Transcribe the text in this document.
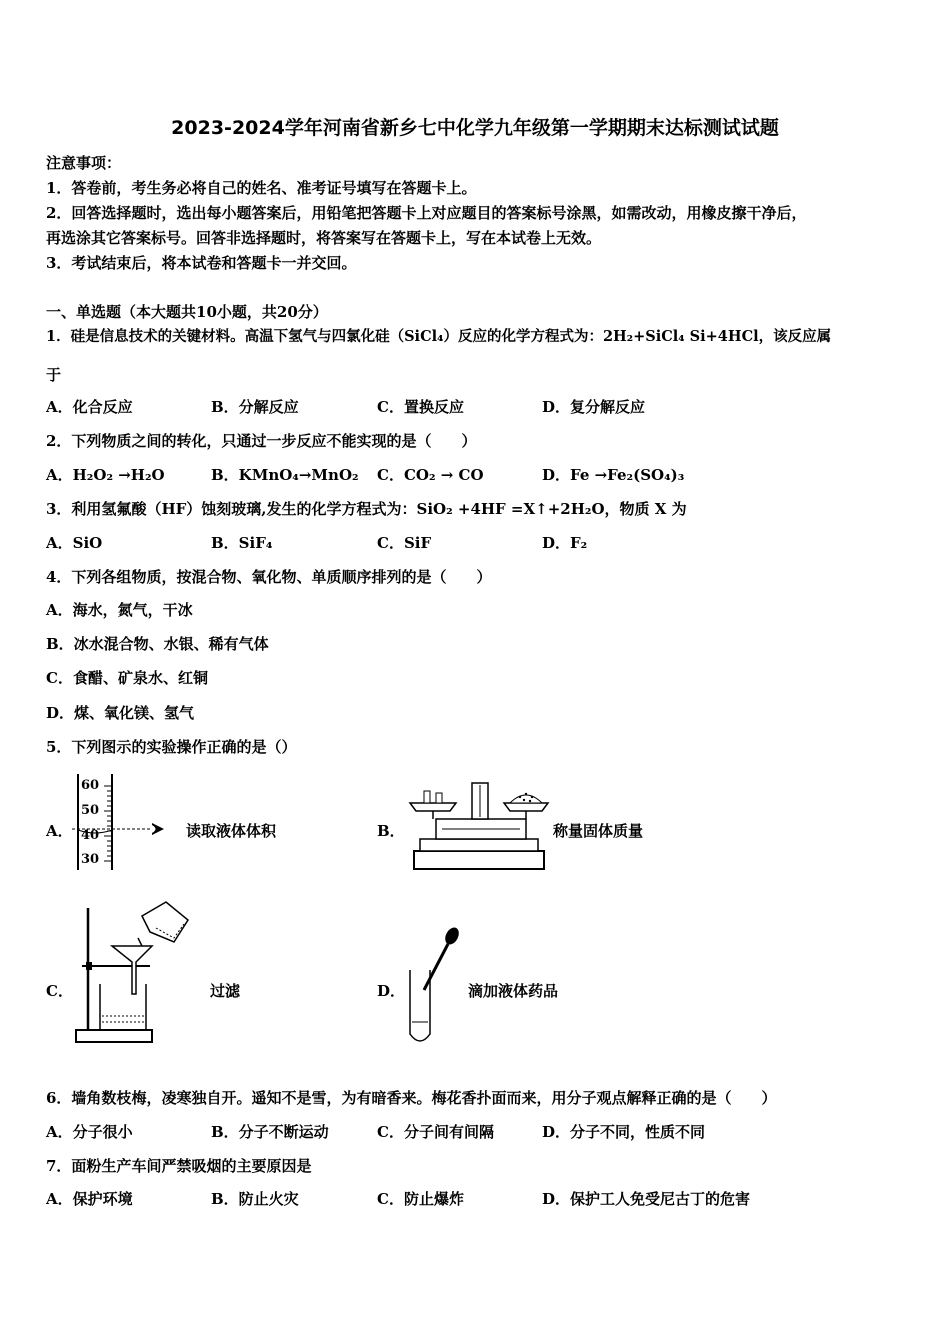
2023-2024学年河南省新乡七中化学九年级第一学期期末达标测试试题
注意事项：
1．答卷前，考生务必将自己的姓名、准考证号填写在答题卡上。
2．回答选择题时，选出每小题答案后，用铅笔把答题卡上对应题目的答案标号涂黑，如需改动，用橡皮擦干净后，
再选涂其它答案标号。回答非选择题时，将答案写在答题卡上，写在本试卷上无效。
3．考试结束后，将本试卷和答题卡一并交回。
一、单选题（本大题共10小题，共20分）
1．硅是信息技术的关键材料。高温下氢气与四氯化硅（SiCl₄）反应的化学方程式为：2H₂+SiCl₄ Si+4HCl，该反应属
于
A．化合反应	B．分解反应	C．置换反应	D．复分解反应
2．下列物质之间的转化，只通过一步反应不能实现的是（　　）
A．H₂O₂ →H₂O	B．KMnO₄→MnO₂ C．CO₂ → CO	D．Fe →Fe₂(SO₄)₃
3．利用氢氟酸（HF）蚀刻玻璃,发生的化学方程式为：SiO₂ +4HF =X↑+2H₂O，物质 X 为
A．SiO	B．SiF₄	C．SiF	D．F₂
4．下列各组物质，按混合物、氧化物、单质顺序排列的是（　　）
A．海水，氮气，干冰
B．冰水混合物、水银、稀有气体
C．食醋、矿泉水、红铜
D．煤、氧化镁、氢气
5．下列图示的实验操作正确的是（）
A．
60
50
40
30
读取液体体积	B．	称量固体质量
C．	过滤	D．	滴加液体药品
6．墙角数枝梅，凌寒独自开。遥知不是雪，为有暗香来。梅花香扑面而来，用分子观点解释正确的是（　　）
A．分子很小	B．分子不断运动	C．分子间有间隔	D．分子不同，性质不同
7．面粉生产车间严禁吸烟的主要原因是
A．保护环境	B．防止火灾	C．防止爆炸	D．保护工人免受尼古丁的危害
